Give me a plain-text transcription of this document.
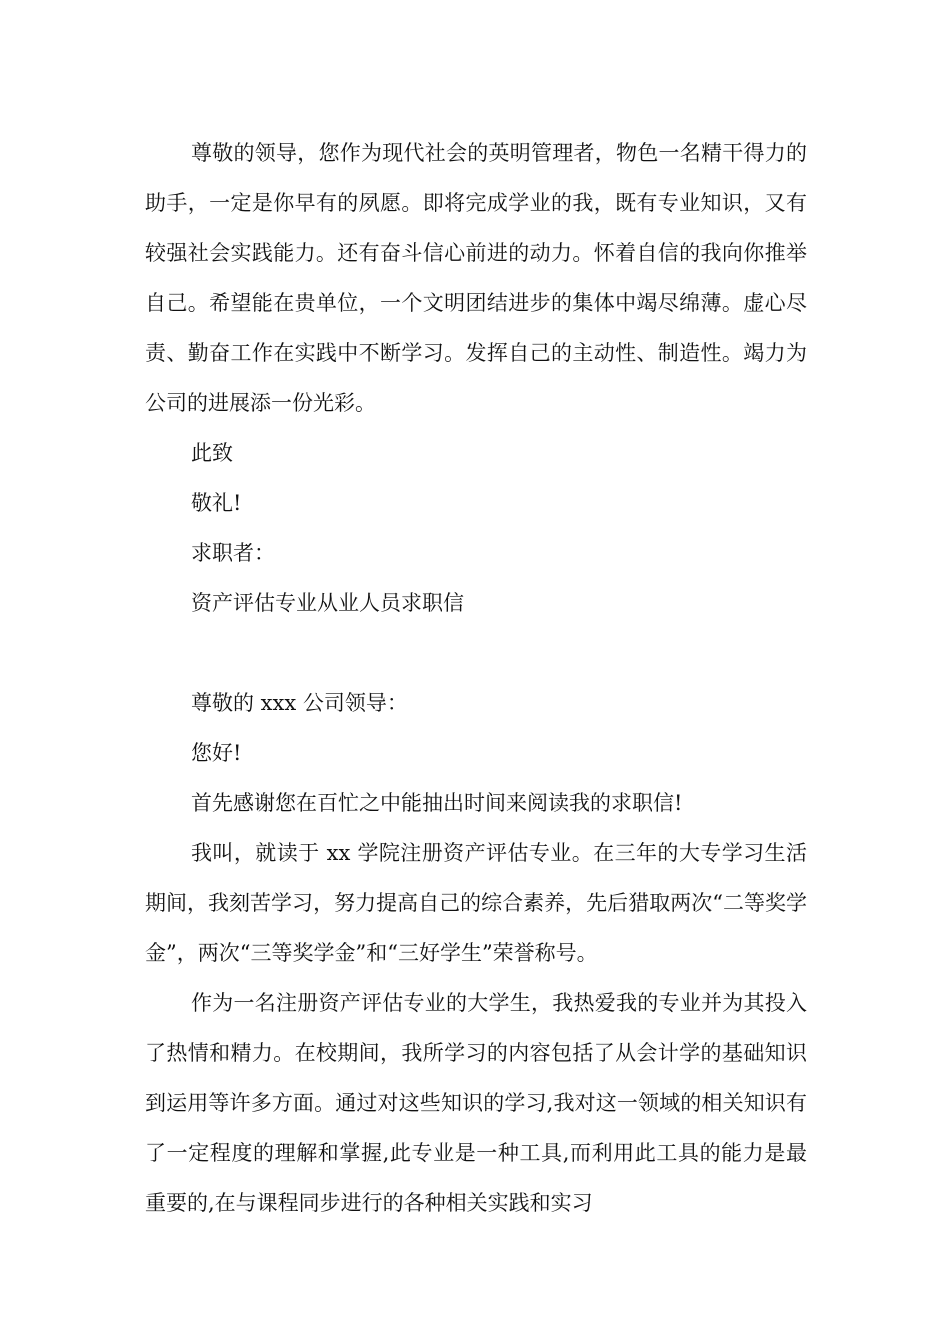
尊敬的领导，您作为现代社会的英明管理者，物色一名精干得力的助手，一定是你早有的夙愿。即将完成学业的我，既有专业知识，又有较强社会实践能力。还有奋斗信心前进的动力。怀着自信的我向你推举自己。希望能在贵单位，一个文明团结进步的集体中竭尽绵薄。虚心尽责、勤奋工作在实践中不断学习。发挥自己的主动性、制造性。竭力为公司的进展添一份光彩。

此致

敬礼!

求职者：

资产评估专业从业人员求职信

尊敬的 xxx 公司领导：

您好!

首先感谢您在百忙之中能抽出时间来阅读我的求职信!

我叫，就读于 xx 学院注册资产评估专业。在三年的大专学习生活期间，我刻苦学习，努力提高自己的综合素养，先后猎取两次“二等奖学金”，两次“三等奖学金”和“三好学生”荣誉称号。

作为一名注册资产评估专业的大学生，我热爱我的专业并为其投入了热情和精力。在校期间，我所学习的内容包括了从会计学的基础知识到运用等许多方面。通过对这些知识的学习,我对这一领域的相关知识有了一定程度的理解和掌握,此专业是一种工具,而利用此工具的能力是最重要的,在与课程同步进行的各种相关实践和实习
